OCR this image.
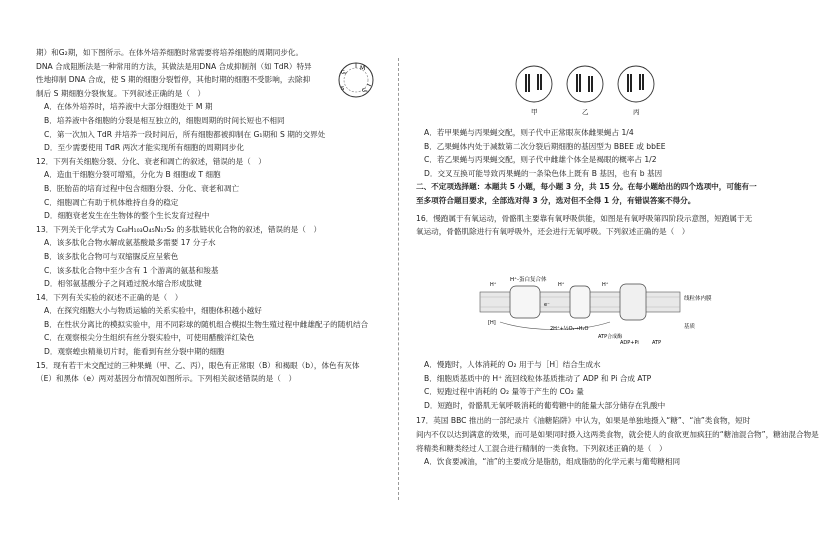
期）和G₂期，如下图所示。在体外培养细胞时常需要将培养细胞的周期同步化。
DNA 合成阻断法是一种常用的方法，其做法是用DNA 合成抑制剂（如 TdR）特异
性地抑制 DNA 合成，使 S 期的细胞分裂暂停，其他时期的细胞不受影响，去除抑
制后 S 期细胞分裂恢复。下列叙述正确的是（　）
A．在体外培养时，培养液中大部分细胞处于 M 期
B．培养液中各细胞的分裂是相互独立的，细胞周期的时间长短也不相同
C．第一次加入 TdR 并培养一段时间后，所有细胞都被抑制在 G₁期和 S 期的交界处
D．至少需要使用 TdR 两次才能实现所有细胞的周期同步化
12．下列有关细胞分裂、分化、衰老和凋亡的叙述，错误的是（　）
A．造血干细胞分裂可增殖，分化为 B 细胞或 T 细胞
B．胚胎苗的培育过程中包含细胞分裂、分化、衰老和凋亡
C．细胞凋亡有助于机体维持自身的稳定
D．细胞衰老发生在生物体的整个生长发育过程中
13．下列关于化学式为 C₆₃H₁₀₃O₄₅N₁₇S₂ 的多肽链状化合物的叙述，错误的是（　）
A．该多肽化合物水解成氨基酸最多需要 17 分子水
B．该多肽化合物可与双缩脲反应呈紫色
C．该多肽化合物中至少含有 1 个游离的氨基和羧基
D．相邻氨基酸分子之间通过脱水缩合形成肽键
14．下列有关实验的叙述不正确的是（　）
A．在探究细胞大小与物质运输的关系实验中，细胞体积越小越好
B．在性状分离比的模拟实验中，用不同彩球的随机组合模拟生物生殖过程中雌雄配子的随机结合
C．在观察根尖分生组织有丝分裂实验中，可使用醋酸洋红染色
D．观察蝗虫精巢切片时，能看到有丝分裂中期的细胞
15．现有若干未交配过的三种果蝇（甲、乙、丙），眼色有正常眼（B）和褐眼（b），体色有灰体
（E）和黑体（e）两对基因分布情况如图所示。下列相关叙述错误的是（　）
M
G₁
S
G₂
甲	乙	丙
A．若甲果蝇与丙果蝇交配，则子代中正常眼灰体雌果蝇占 1/4
B．乙果蝇体内处于减数第二次分裂后期细胞的基因型为 BBEE 或 bbEE
C．若乙果蝇与丙果蝇交配，则子代中雌雄个体全是褐眼的概率占 1/2
D．交叉互换可能导致丙果蝇的一条染色体上既有 B 基因，也有 b 基因
二、不定项选择题：本题共 5 小题，每小题 3 分，共 15 分。在每小题给出的四个选项中，可能有一
至多项符合题目要求，全部选对得 3 分，选对但不全得 1 分，有错误答案不得分。
16．慢跑属于有氧运动，骨骼肌主要靠有氧呼吸供能，如图是有氧呼吸第四阶段示意图，短跑属于无
氧运动，骨骼肌除进行有氧呼吸外，还会进行无氧呼吸。下列叙述正确的是（　）
H⁺-蛋白复合体
线粒体内膜
基质
2H⁺+½O₂→H₂O
ATP合成酶
ADP+Pi	ATP
H⁺	H⁺	H⁺
e⁻
[H]
A．慢跑时，人体消耗的 O₂ 用于与［H］结合生成水
B．细胞质基质中的 H⁺ 流回线粒体基质推动了 ADP 和 Pi 合成 ATP
C．短跑过程中消耗的 O₂ 量等于产生的 CO₂ 量
D．短跑时，骨骼肌无氧呼吸消耗的葡萄糖中的能量大部分储存在乳酸中
17．英国 BBC 推出的一部纪录片《油糖陷阱》中认为，如果是单独地摄入“糖”、“油”类食物，短时
间内不仅以达到满意的效果，而可是如果同时摄入这两类食物，就会使人的食欲更加疯狂的“糖油混合物”，糖油混合物是
将精类和糖类经过人工混合进行精制的一类食物。下列叙述正确的是（　）
A．饮食要减油，“油”的主要成分是脂肪，组成脂肪的化学元素与葡萄糖相同
